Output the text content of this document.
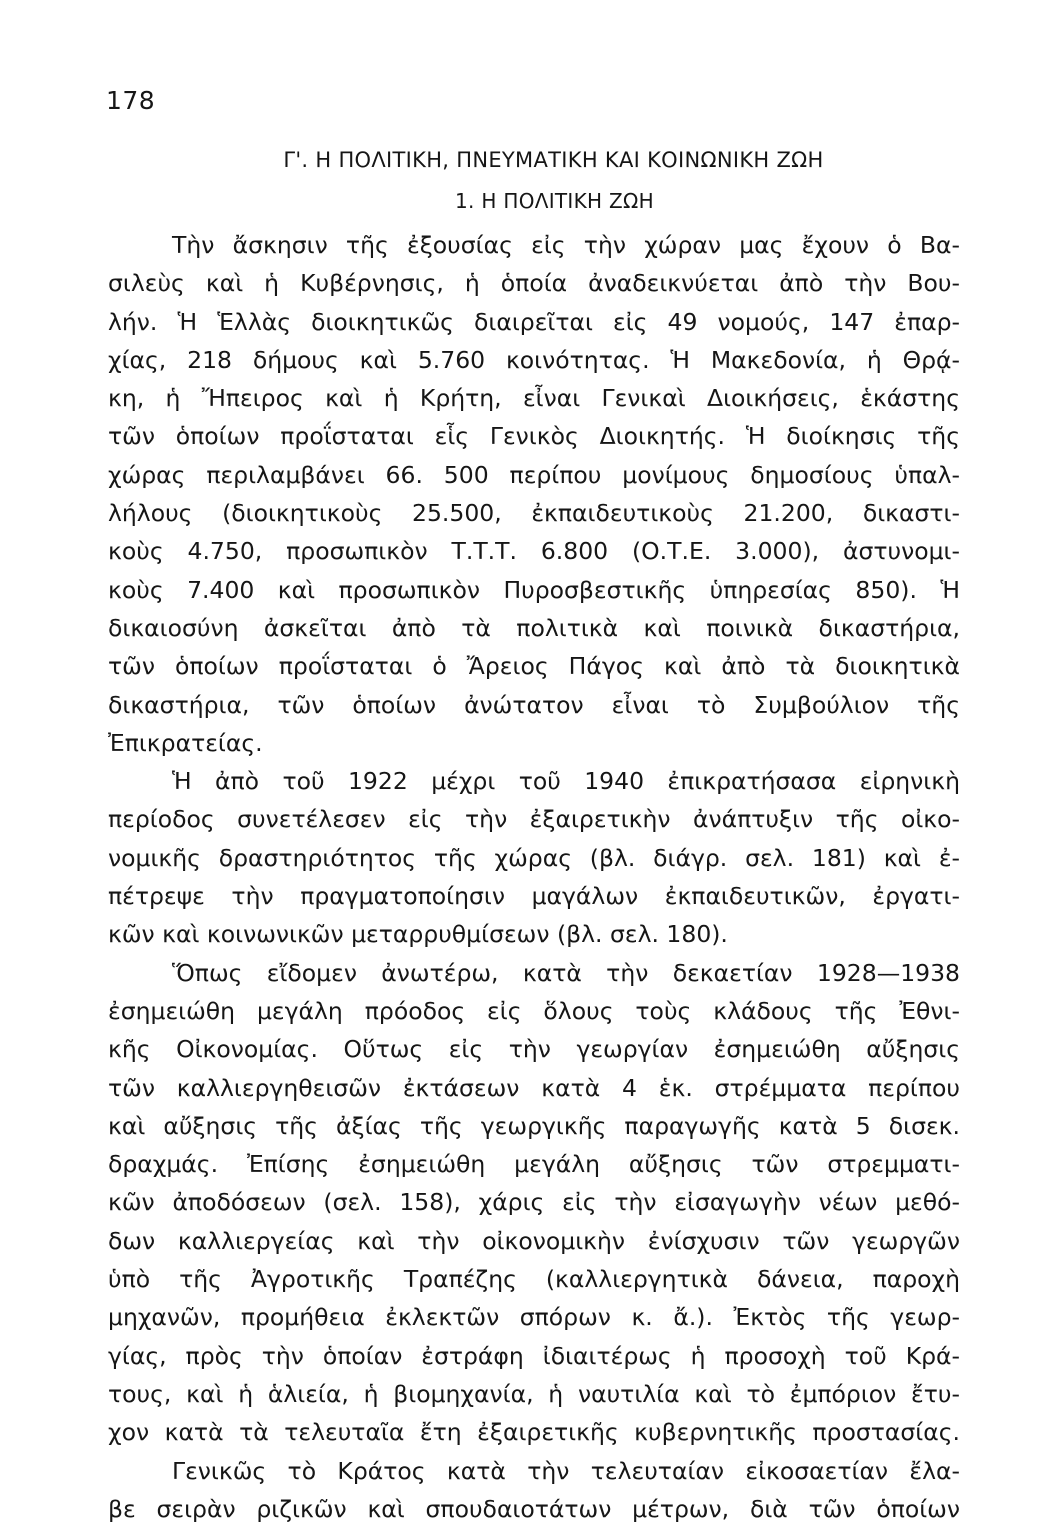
178
Γ'. Η ΠΟΛΙΤΙΚΗ, ΠΝΕΥΜΑΤΙΚΗ ΚΑΙ ΚΟΙΝΩΝΙΚΗ ΖΩΗ
1. Η ΠΟΛΙΤΙΚΗ ΖΩΗ
Τὴν ἄσκησιν τῆς ἐξουσίας εἰς τὴν χώραν μας ἔχουν ὁ Βα-
σιλεὺς καὶ ἡ Κυβέρνησις, ἡ ὁποία ἀναδεικνύεται ἀπὸ τὴν Βου-
λήν. Ἡ Ἑλλὰς διοικητικῶς διαιρεῖται εἰς 49 νομούς, 147 ἐπαρ-
χίας, 218 δήμους καὶ 5.760 κοινότητας. Ἡ Μακεδονία, ἡ Θρᾴ-
κη, ἡ Ἤπειρος καὶ ἡ Κρήτη, εἶναι Γενικαὶ Διοικήσεις, ἑκάστης
τῶν ὁποίων προΐσταται εἷς Γενικὸς Διοικητής. Ἡ διοίκησις τῆς
χώρας περιλαμβάνει 66. 500 περίπου μονίμους δημοσίους ὑπαλ-
λήλους (διοικητικοὺς 25.500, ἐκπαιδευτικοὺς 21.200, δικαστι-
κοὺς 4.750, προσωπικὸν Τ.Τ.Τ. 6.800 (Ο.Τ.Ε. 3.000), ἀστυνομι-
κοὺς 7.400 καὶ προσωπικὸν Πυροσβεστικῆς ὑπηρεσίας 850). Ἡ
δικαιοσύνη ἀσκεῖται ἀπὸ τὰ πολιτικὰ καὶ ποινικὰ δικαστήρια,
τῶν ὁποίων προΐσταται ὁ Ἄρειος Πάγος καὶ ἀπὸ τὰ διοικητικὰ
δικαστήρια, τῶν ὁποίων ἀνώτατον εἶναι τὸ Συμβούλιον τῆς
Ἐπικρατείας.
Ἡ ἀπὸ τοῦ 1922 μέχρι τοῦ 1940 ἐπικρατήσασα εἰρηνικὴ
περίοδος συνετέλεσεν εἰς τὴν ἐξαιρετικὴν ἀνάπτυξιν τῆς οἰκο-
νομικῆς δραστηριότητος τῆς χώρας (βλ. διάγρ. σελ. 181) καὶ ἐ-
πέτρεψε τὴν πραγματοποίησιν μαγάλων ἐκπαιδευτικῶν, ἐργατι-
κῶν καὶ κοινωνικῶν μεταρρυθμίσεων (βλ. σελ. 180).
Ὅπως εἴδομεν ἀνωτέρω, κατὰ τὴν δεκαετίαν 1928—1938
ἐσημειώθη μεγάλη πρόοδος εἰς ὅλους τοὺς κλάδους τῆς Ἐθνι-
κῆς Οἰκονομίας. Οὕτως εἰς τὴν γεωργίαν ἐσημειώθη αὔξησις
τῶν καλλιεργηθεισῶν ἐκτάσεων κατὰ 4 ἑκ. στρέμματα περίπου
καὶ αὔξησις τῆς ἀξίας τῆς γεωργικῆς παραγωγῆς κατὰ 5 δισεκ.
δραχμάς. Ἐπίσης ἐσημειώθη μεγάλη αὔξησις τῶν στρεμματι-
κῶν ἀποδόσεων (σελ. 158), χάρις εἰς τὴν εἰσαγωγὴν νέων μεθό-
δων καλλιεργείας καὶ τὴν οἰκονομικὴν ἐνίσχυσιν τῶν γεωργῶν
ὑπὸ τῆς Ἀγροτικῆς Τραπέζης (καλλιεργητικὰ δάνεια, παροχὴ
μηχανῶν, προμήθεια ἐκλεκτῶν σπόρων κ. ἄ.). Ἐκτὸς τῆς γεωρ-
γίας, πρὸς τὴν ὁποίαν ἐστράφη ἰδιαιτέρως ἡ προσοχὴ τοῦ Κρά-
τους, καὶ ἡ ἁλιεία, ἡ βιομηχανία, ἡ ναυτιλία καὶ τὸ ἐμπόριον ἔτυ-
χον κατὰ τὰ τελευταῖα ἔτη ἐξαιρετικῆς κυβερνητικῆς προστασίας.
Γενικῶς τὸ Κράτος κατὰ τὴν τελευταίαν εἰκοσαετίαν ἔλα-
βε σειρὰν ριζικῶν καὶ σπουδαιοτάτων μέτρων, διὰ τῶν ὁποίων
